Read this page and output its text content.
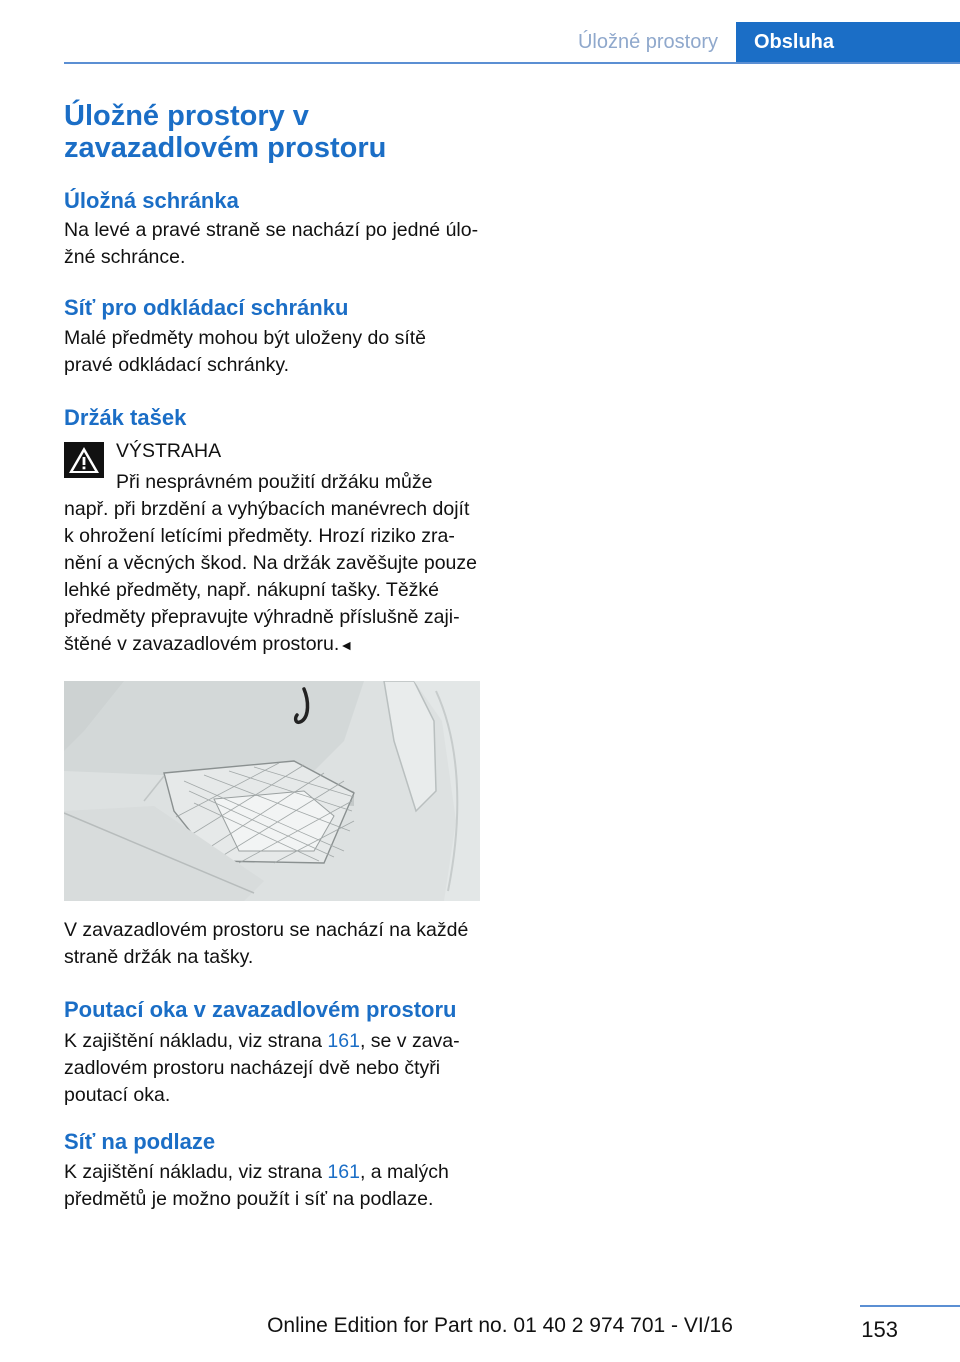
Úložné prostory	Obsluha
Úložné prostory v
zavazadlovém prostoru
Úložná schránka

Na levé a pravé straně se nachází po jedné úlo‐
žné schránce.

Síť pro odkládací schránku

Malé předměty mohou být uloženy do sítě
pravé odkládací schránky.

Držák tašek

VÝSTRAHA

Při nesprávném použití držáku může

např. při brzdění a vyhýbacích manévrech dojít
k ohrožení letícími předměty. Hrozí riziko zra‐
nění a věcných škod. Na držák zavěšujte pouze
lehké předměty, např. nákupní tašky. Těžké
předměty přepravujte výhradně příslušně zaji‐
štěné v zavazadlovém prostoru.◄

V zavazadlovém prostoru se nachází na každé
straně držák na tašky.

Poutací oka v zavazadlovém prostoru

K zajištění nákladu, viz strana 161, se v zava‐
zadlovém prostoru nacházejí dvě nebo čtyři
poutací oka.

Síť na podlaze

K zajištění nákladu, viz strana 161, a malých
předmětů je možno použít i síť na podlaze.

153
Online Edition for Part no. 01 40 2 974 701 - VI/16
